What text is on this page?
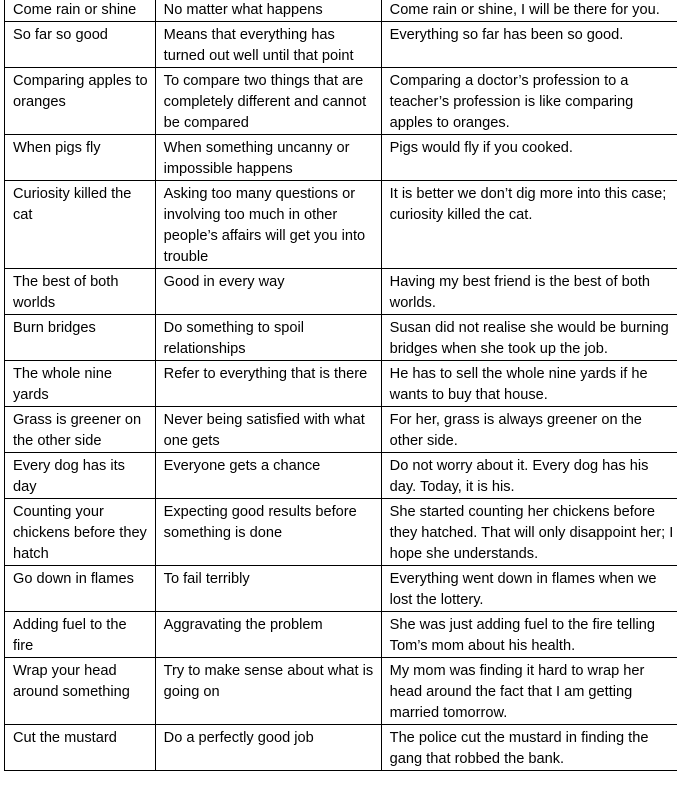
Come rain or shine	No matter what happens	Come rain or shine, I will be there for you.
So far so good	Means that everything has turned out well until that point	Everything so far has been so good.
Comparing apples to oranges	To compare two things that are completely different and cannot be compared	Comparing a doctor’s profession to a teacher’s profession is like comparing apples to oranges.
When pigs fly	When something uncanny or impossible happens	Pigs would fly if you cooked.
Curiosity killed the cat	Asking too many questions or involving too much in other people’s affairs will get you into trouble	It is better we don’t dig more into this case; curiosity killed the cat.
The best of both worlds	Good in every way	Having my best friend is the best of both worlds.
Burn bridges	Do something to spoil relationships	Susan did not realise she would be burning bridges when she took up the job.
The whole nine yards	Refer to everything that is there	He has to sell the whole nine yards if he wants to buy that house.
Grass is greener on the other side	Never being satisfied with what one gets	For her, grass is always greener on the other side.
Every dog has its day	Everyone gets a chance	Do not worry about it. Every dog has his day. Today, it is his.
Counting your chickens before they hatch	Expecting good results before something is done	She started counting her chickens before they hatched. That will only disappoint her; I hope she understands.
Go down in flames	To fail terribly	Everything went down in flames when we lost the lottery.
Adding fuel to the fire	Aggravating the problem	She was just adding fuel to the fire telling Tom’s mom about his health.
Wrap your head around something	Try to make sense about what is going on	My mom was finding it hard to wrap her head around the fact that I am getting married tomorrow.
Cut the mustard	Do a perfectly good job	The police cut the mustard in finding the gang that robbed the bank.
